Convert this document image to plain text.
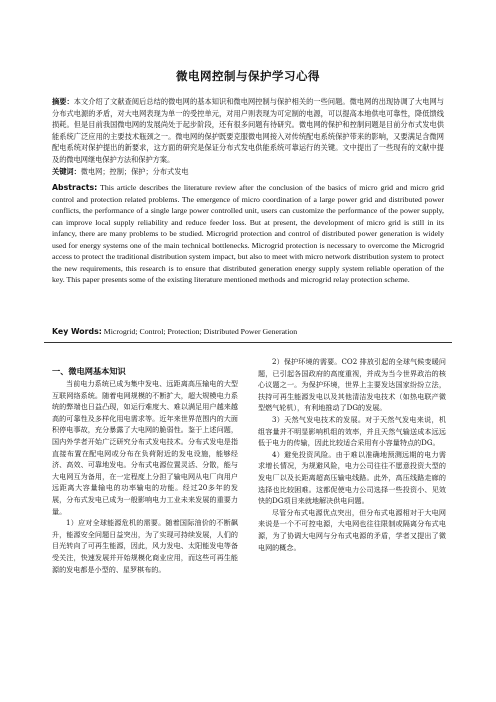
微电网控制与保护学习心得

摘要：本文介绍了文献查阅后总结的微电网的基本知识和微电网控制与保护相关的一些问题。微电网的出现协调了大电网与分布式电源的矛盾，对大电网表现为单一的受控单元，对用户则表现为可定制的电源，可以提高本地供电可靠性，降低馈线损耗。但是目前我国微电网的发展尚处于起步阶段，还有很多问题有待研究。微电网的保护和控制问题是目前分布式发电供能系统广泛应用的主要技术瓶颈之一。微电网的保护既要克服微电网接入对传统配电系统保护带来的影响，又要满足含微网配电系统对保护提出的新要求，这方面的研究是保证分布式发电供能系统可靠运行的关键。文中提出了一些现有的文献中提及的微电网继电保护方法和保护方案。

关键词：微电网；控制；保护；分布式发电

Abstracts: This article describes the literature review after the conclusion of the basics of micro grid and micro grid control and protection related problems. The emergence of micro coordination of a large power grid and distributed power conflicts, the performance of a single large power controlled unit, users can customize the performance of the power supply, can improve local supply reliability and reduce feeder loss. But at present, the development of micro grid is still in its infancy, there are many problems to be studied. Microgrid protection and control of distributed power generation is widely used for energy systems one of the main technical bottlenecks. Microgrid protection is necessary to overcome the Microgrid access to protect the traditional distribution system impact, but also to meet with micro network distribution system to protect the new requirements, this research is to ensure that distributed generation energy supply system reliable operation of the key. This paper presents some of the existing literature mentioned methods and microgrid relay protection scheme.

Key Words: Microgrid; Control; Protection; Distributed Power Generation

一、微电网基本知识

当前电力系统已成为集中发电、远距离高压输电的大型互联网络系统。随着电网规模的不断扩大，超大规模电力系统的弊端也日益凸现，如运行难度大、难以满足用户越来越高的可靠性及多样化用电需求等。近年来世界范围内的大面积停电事故，充分暴露了大电网的脆弱性。鉴于上述问题，国内外学者开始广泛研究分布式发电技术。分布式发电是指直接布置在配电网或分布在负荷附近的发电设施，能够经济、高效、可靠地发电。分布式电源位置灵活、分散，能与大电网互为备用，在一定程度上分担了输电网从电厂向用户远距离大容量输电的功率输电的功能。经过20多年的发展，分布式发电已成为一般影响电力工业未来发展的重要力量。

1）应对全球能源危机的需要。随着国际油价的不断飙升，能源安全问题日益突出，为了实现可持续发展，人们的目光转向了可再生能源，因此，风力发电、太阳能发电等备受关注，快速发展并开始规模化商业应用，而这些可再生能源的发电都是小型的、星罗棋布的。

2）保护环境的需要。CO2 排放引起的全球气候变暖问题，已引起各国政府的高度重视，并成为当今世界政治的核心议题之一。为保护环境，世界上主要发达国家纷纷立法，扶持可再生能源发电以及其他清洁发电技术（如热电联产微型燃气轮机），有利地推动了DG的发展。

3）天然气发电技术的发展。对于天然气发电来说，机组容量并不明显影响机组的效率，并且天然气输送成本远远低于电力的传输，因此比较适合采用有小容量特点的DG。

4）避免投资风险。由于难以准确地预测远期的电力需求增长情况，为规避风险，电力公司往往不愿意投资大型的发电厂以及长距离超高压输电线路。此外，高压线路走廊的选择也比较困难。这都促使电力公司选择一些投资小、见效快的DG项目来就地解决供电问题。

尽管分布式电源优点突出，但分布式电源相对于大电网来说是一个不可控电源，大电网也往往限制或隔离分布式电源，为了协调大电网与分布式电源的矛盾，学者又提出了微电网的概念。
